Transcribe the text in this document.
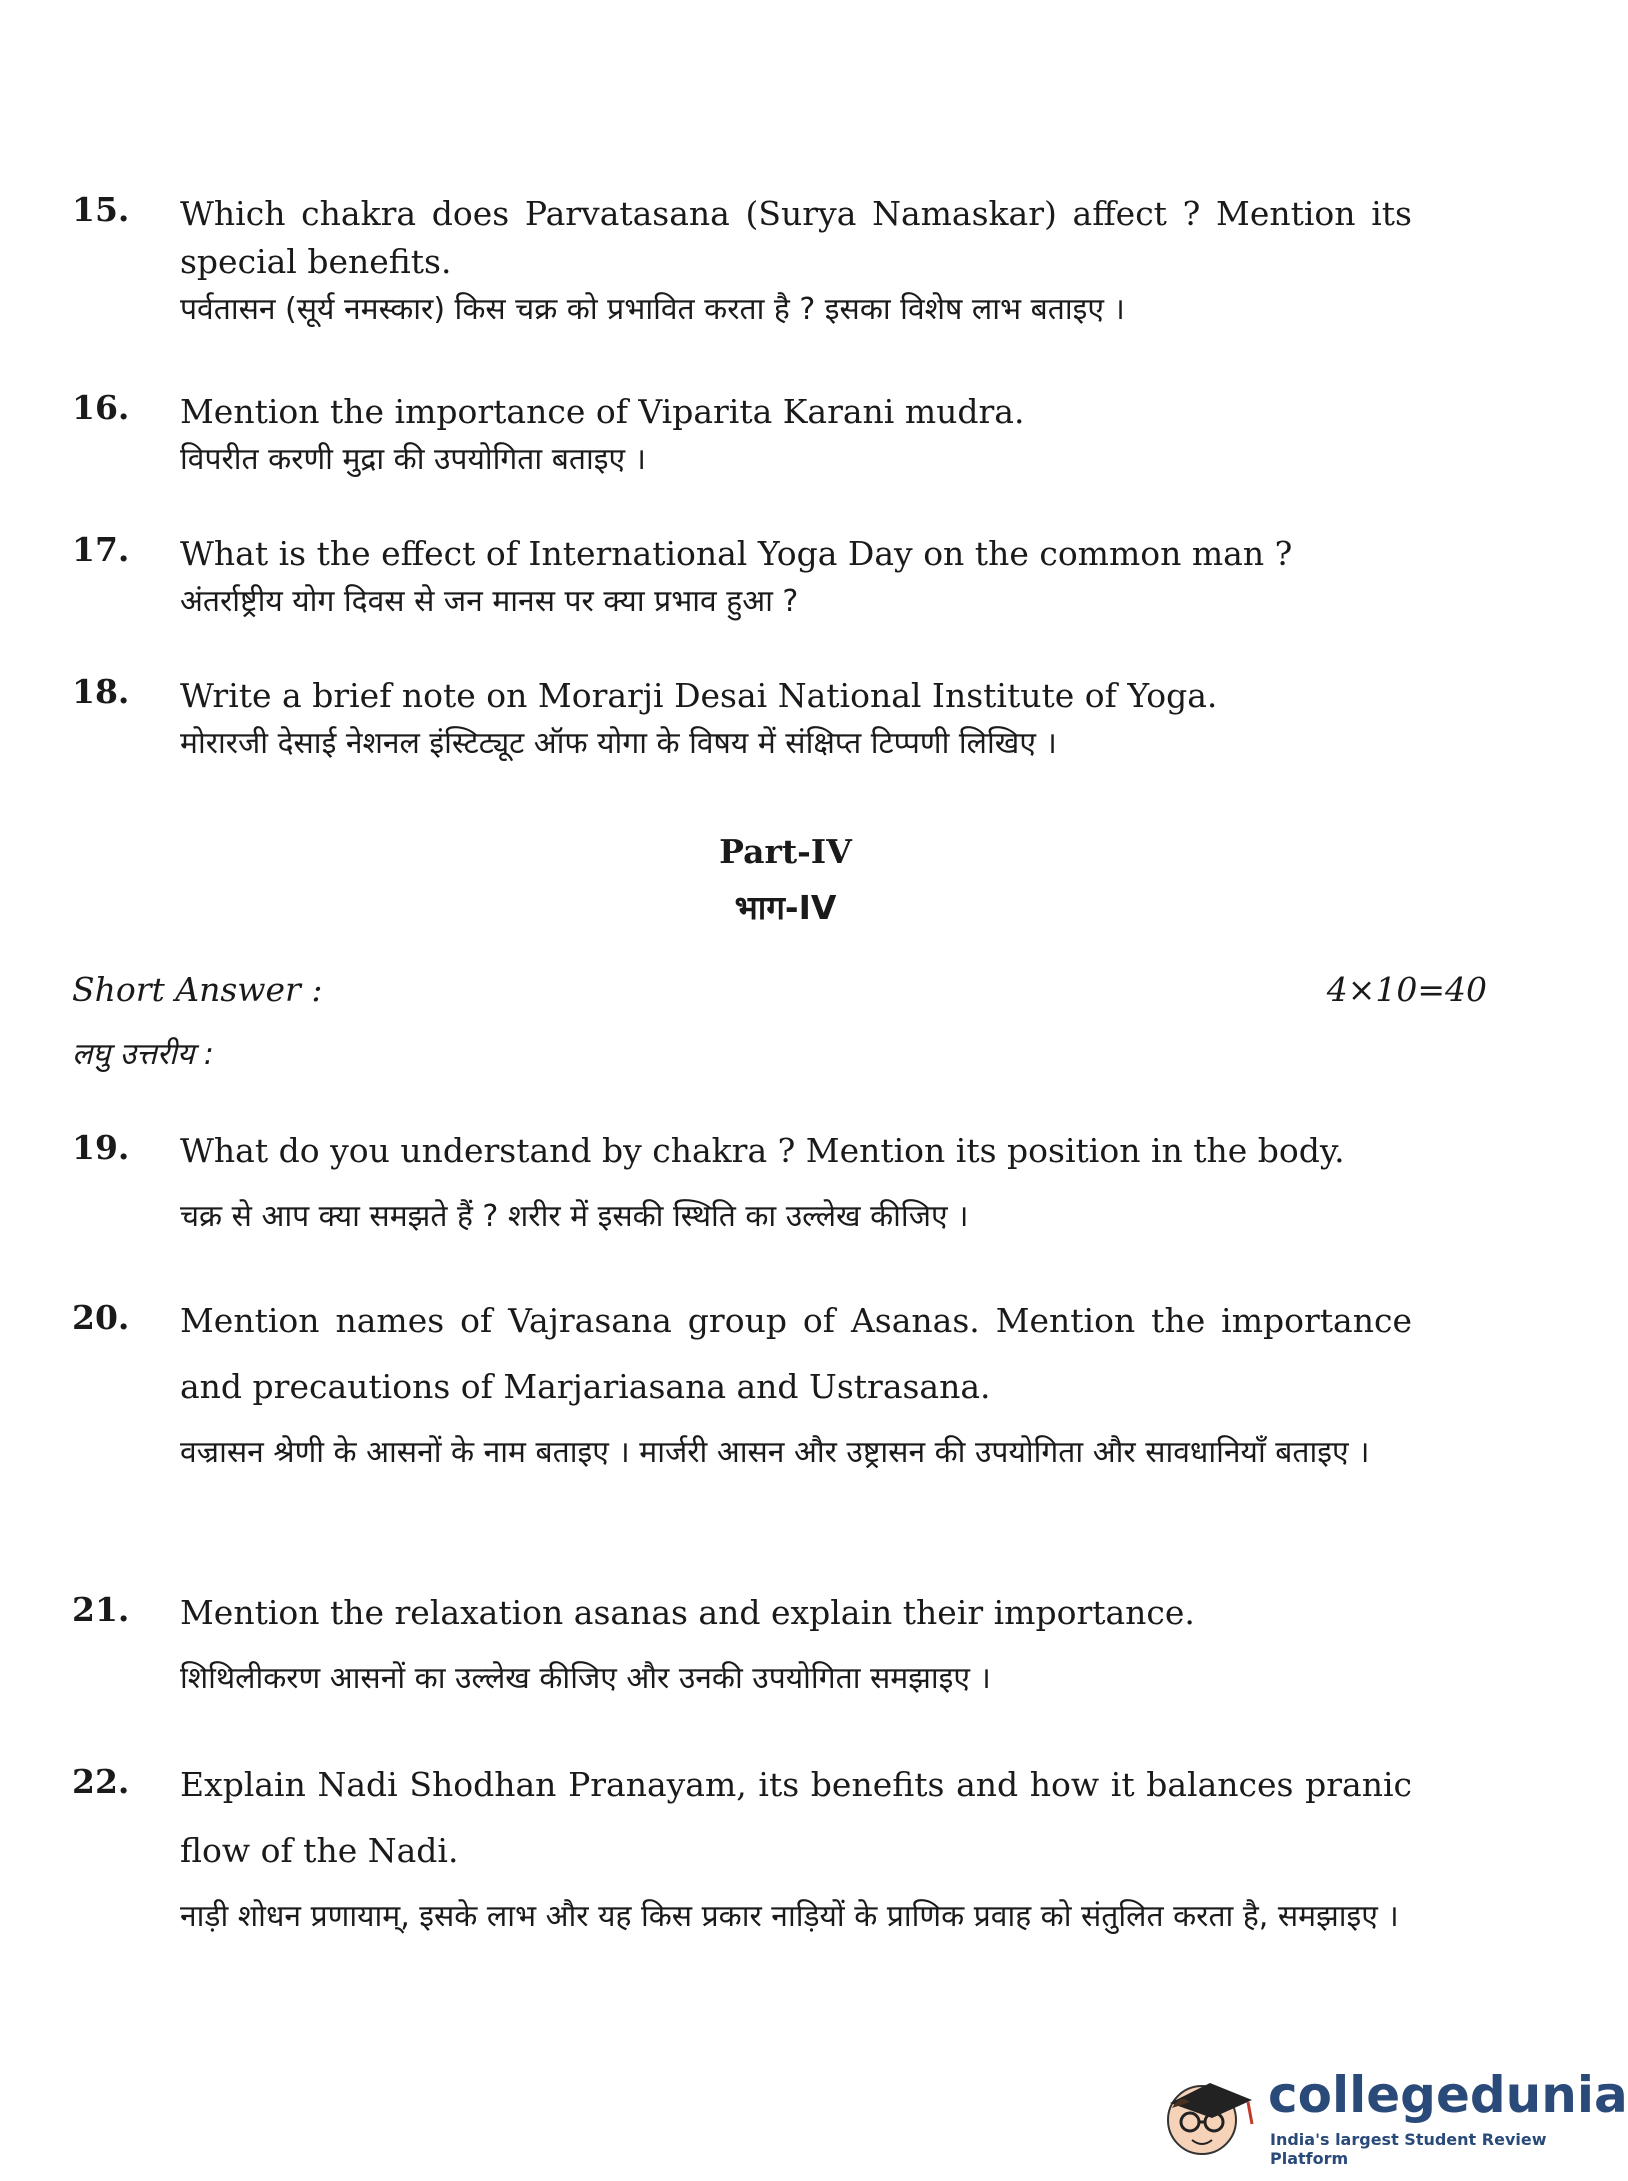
15. Which chakra does Parvatasana (Surya Namaskar) affect ? Mention its special benefits.
पर्वतासन (सूर्य नमस्कार) किस चक्र को प्रभावित करता है ? इसका विशेष लाभ बताइए ।
16. Mention the importance of Viparita Karani mudra.
विपरीत करणी मुद्रा की उपयोगिता बताइए ।
17. What is the effect of International Yoga Day on the common man ?
अंतर्राष्ट्रीय योग दिवस से जन मानस पर क्या प्रभाव हुआ ?
18. Write a brief note on Morarji Desai National Institute of Yoga.
मोरारजी देसाई नेशनल इंस्टिट्यूट ऑफ योगा के विषय में संक्षिप्त टिप्पणी लिखिए ।
Part-IV
भाग-IV
Short Answer :	4×10=40
लघु उत्तरीय :
19. What do you understand by chakra ? Mention its position in the body.
चक्र से आप क्या समझते हैं ? शरीर में इसकी स्थिति का उल्लेख कीजिए ।
20. Mention names of Vajrasana group of Asanas. Mention the importance and precautions of Marjariasana and Ustrasana.
वज्रासन श्रेणी के आसनों के नाम बताइए । मार्जरी आसन और उष्ट्रासन की उपयोगिता और सावधानियाँ बताइए ।
21. Mention the relaxation asanas and explain their importance.
शिथिलीकरण आसनों का उल्लेख कीजिए और उनकी उपयोगिता समझाइए ।
22. Explain Nadi Shodhan Pranayam, its benefits and how it balances pranic flow of the Nadi.
नाड़ी शोधन प्रणायाम्, इसके लाभ और यह किस प्रकार नाड़ियों के प्राणिक प्रवाह को संतुलित करता है, समझाइए ।
collegedunia
India's largest Student Review Platform
